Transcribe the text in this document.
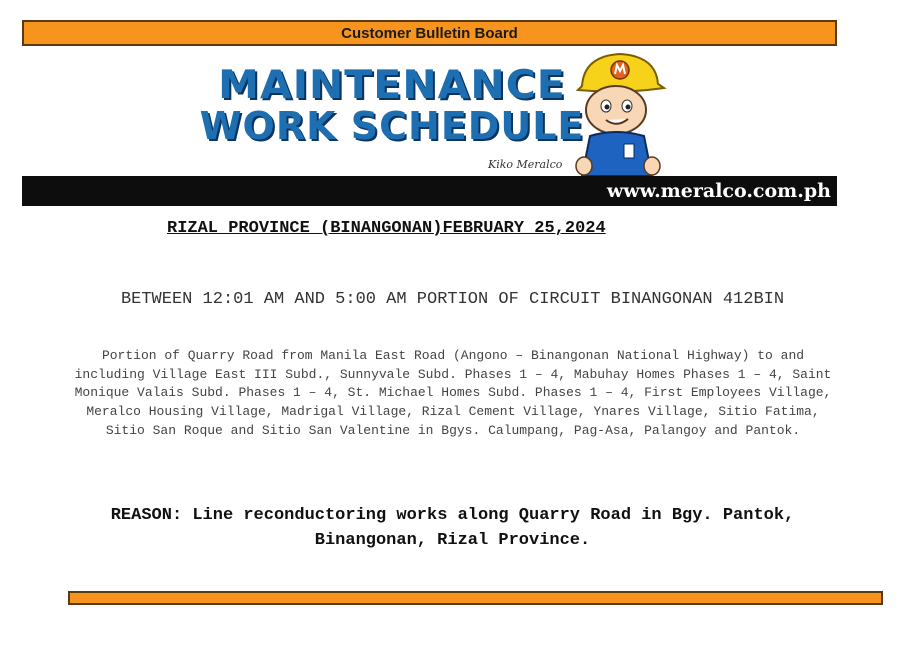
Customer Bulletin Board
MAINTENANCE
WORK SCHEDULE
Kiko Meralco
www.meralco.com.ph
RIZAL PROVINCE (BINANGONAN)FEBRUARY 25,2024
BETWEEN 12:01 AM AND 5:00 AM PORTION OF CIRCUIT BINANGONAN 412BIN
Portion of Quarry Road from Manila East Road (Angono – Binangonan National Highway) to and including Village East III Subd., Sunnyvale Subd. Phases 1 – 4, Mabuhay Homes Phases 1 – 4, Saint Monique Valais Subd. Phases 1 – 4, St. Michael Homes Subd. Phases 1 – 4, First Employees Village, Meralco Housing Village, Madrigal Village, Rizal Cement Village, Ynares Village, Sitio Fatima, Sitio San Roque and Sitio San Valentine in Bgys. Calumpang, Pag-Asa, Palangoy and Pantok.
REASON: Line reconductoring works along Quarry Road in Bgy. Pantok, Binangonan, Rizal Province.
